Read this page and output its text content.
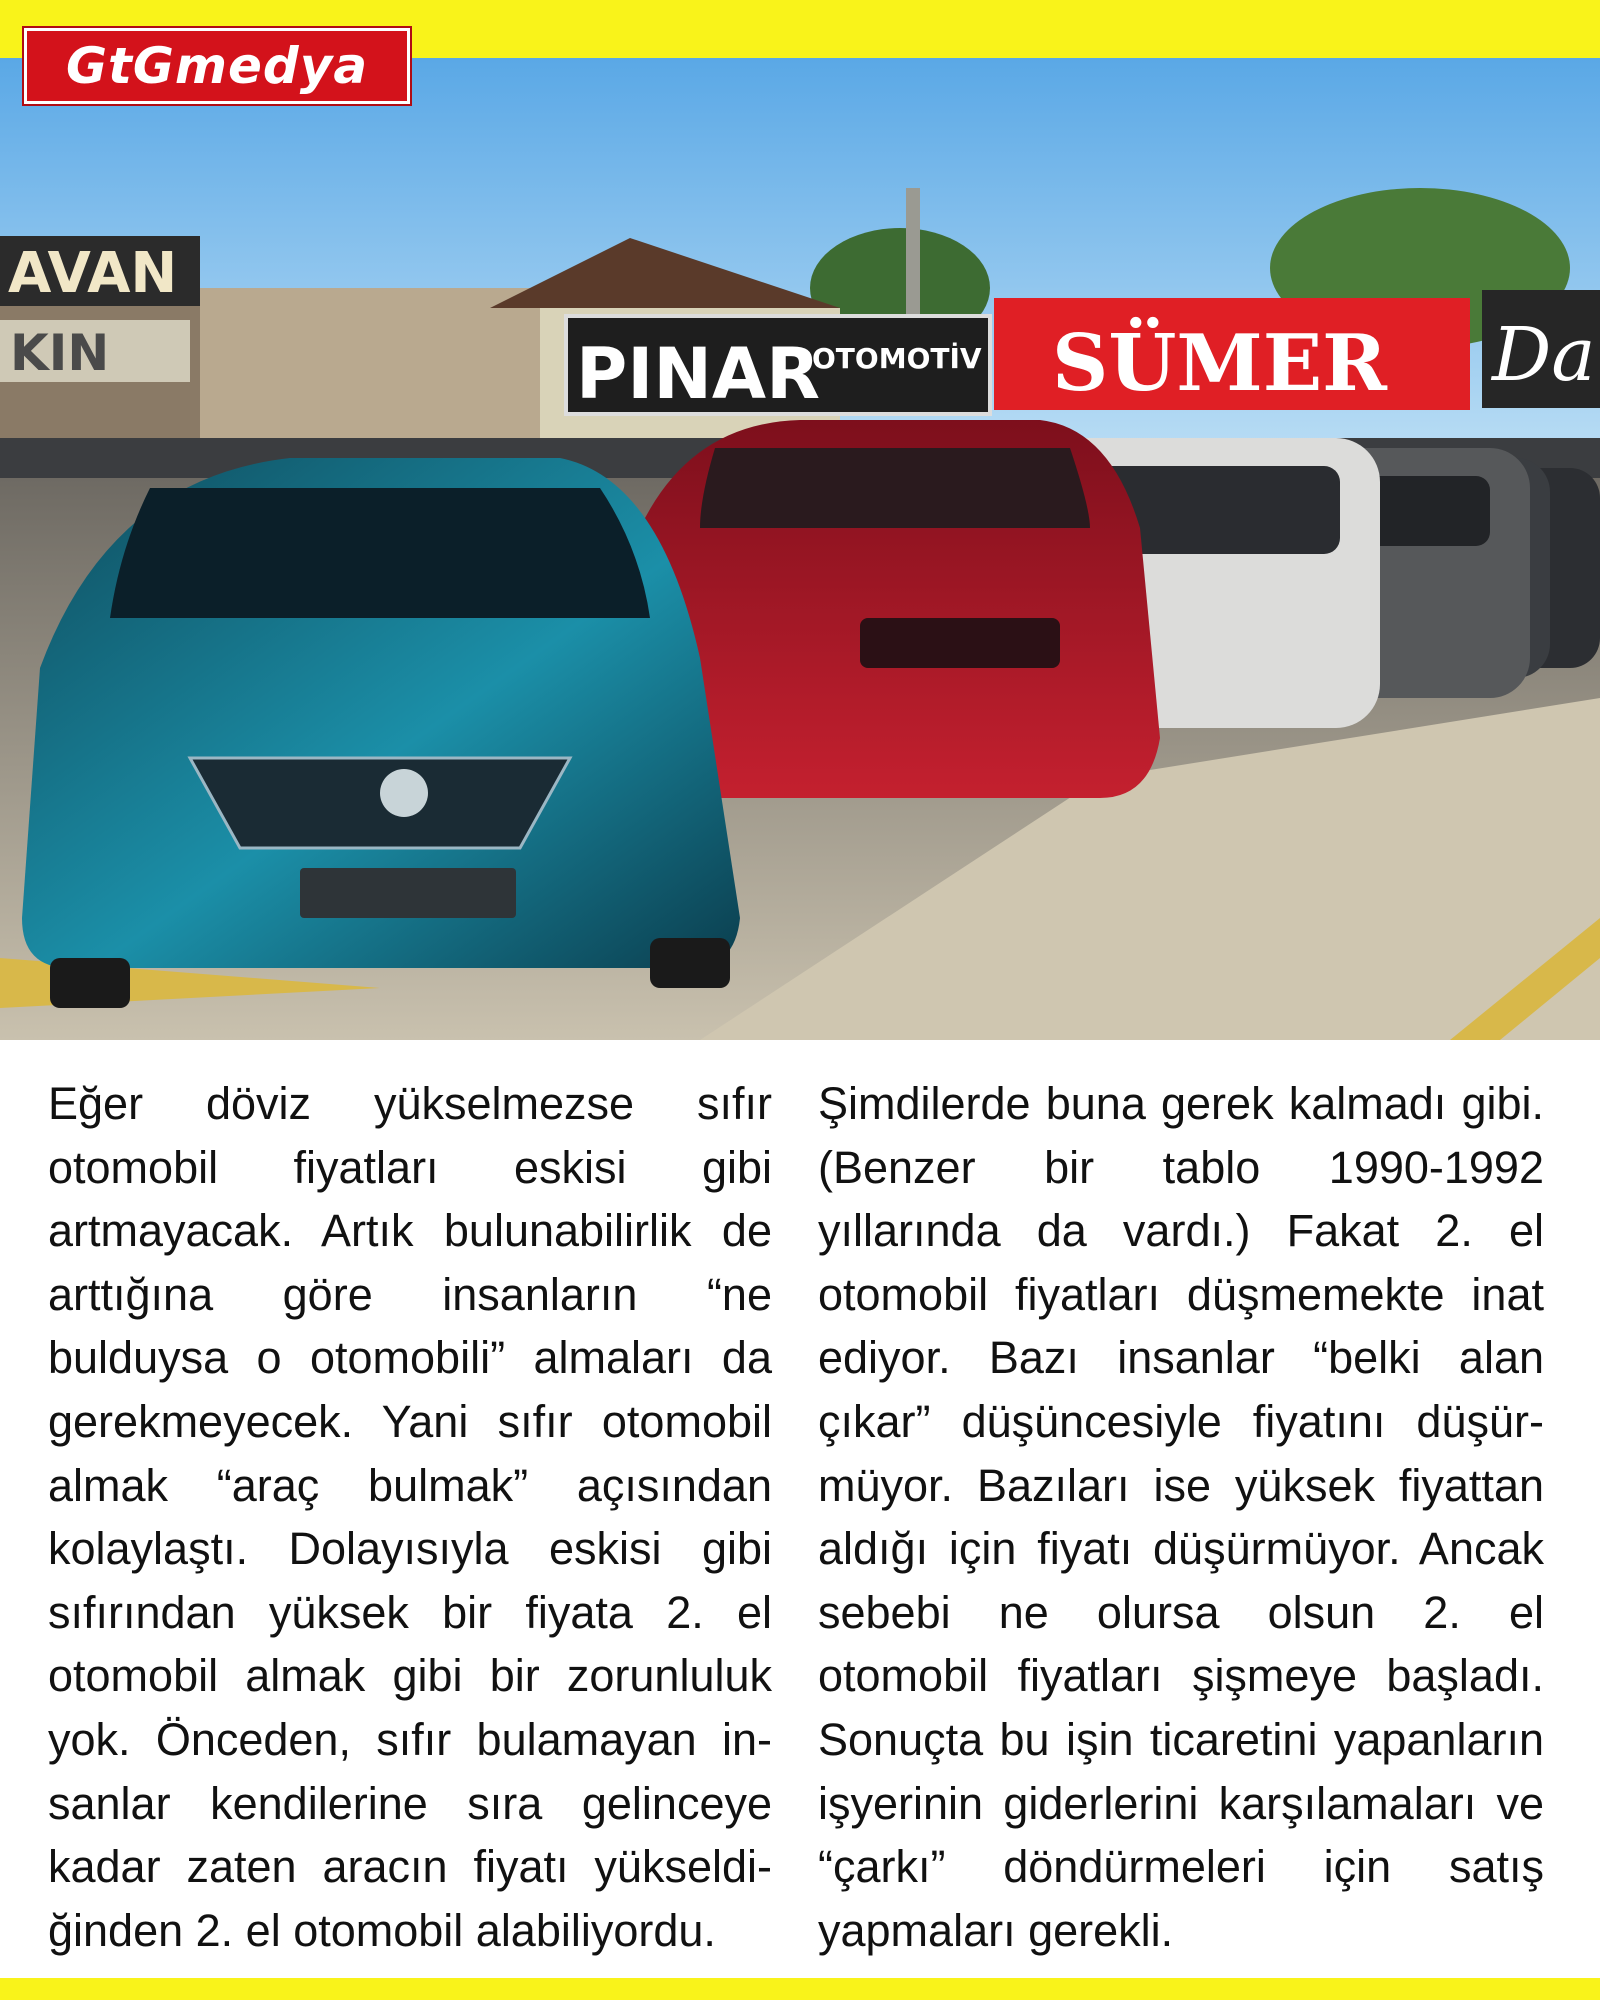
AVAN
KIN	PINAR
OTOMOTİV SÜMER Da
GtGmedya
Eğer döviz yükselmezse sıfır otomobil fiyatları eskisi gibi artmayacak. Artık bulunabilirlik de arttığına göre insanların “ne bulduysa o otomobili” almaları da gerekmeyecek. Yani sıfır otomobil almak “araç bulmak” açısından kolaylaştı. Dolayısıyla eskisi gibi sıfırından yüksek bir fiyata 2. el otomobil almak gibi bir zorunluluk yok. Önceden, sıfır bulamayan insanlar kendilerine sıra gelinceye kadar zaten aracın fiyatı yükseldiğinden 2. el otomobil alabiliyordu.
Şimdilerde buna gerek kalmadı gibi. (Benzer bir tablo 1990-1992 yıllarında da vardı.) Fakat 2. el otomobil fiyatları düşmemekte inat ediyor. Bazı insanlar “belki alan çıkar” düşüncesiyle fiyatını düşürmüyor. Bazıları ise yüksek fiyattan aldığı için fiyatı düşürmüyor. Ancak sebebi ne olursa olsun 2. el otomobil fiyatları şişmeye başladı. Sonuçta bu işin ticaretini yapanların işyerinin giderlerini karşılamaları ve “çarkı” döndürmeleri için satış yapmaları gerekli.
